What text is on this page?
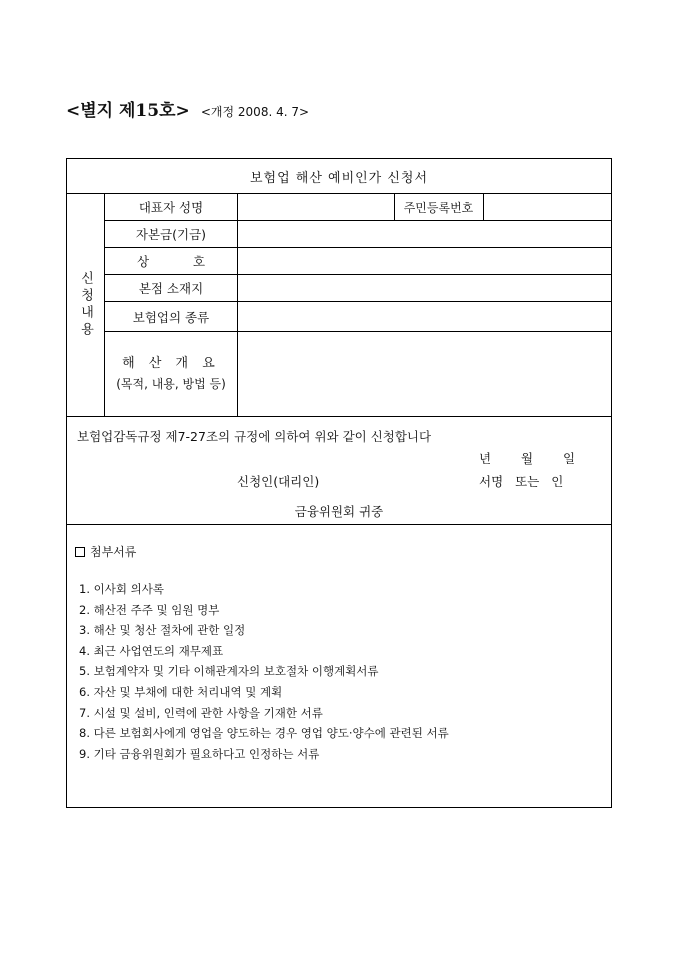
<별지 제15호> <개정 2008. 4. 7>
보험업 해산 예비인가 신청서
신청내용
대표자 성명	주민등록번호
자본금(기금)
상 호
본점 소재지
보험업의 종류
해 산 개 요
(목적, 내용, 방법 등)
보험업감독규정 제7-27조의 규정에 의하여 위와 같이 신청합니다
년 월 일
신청인(대리인)	서명 또는 인
금융위원회 귀중
첨부서류
1. 이사회 의사록
2. 해산전 주주 및 임원 명부
3. 해산 및 청산 절차에 관한 일정
4. 최근 사업연도의 재무제표
5. 보험계약자 및 기타 이해관계자의 보호절차 이행계획서류
6. 자산 및 부채에 대한 처리내역 및 계획
7. 시설 및 설비, 인력에 관한 사항을 기재한 서류
8. 다른 보험회사에게 영업을 양도하는 경우 영업 양도·양수에 관련된 서류
9. 기타 금융위원회가 필요하다고 인정하는 서류
